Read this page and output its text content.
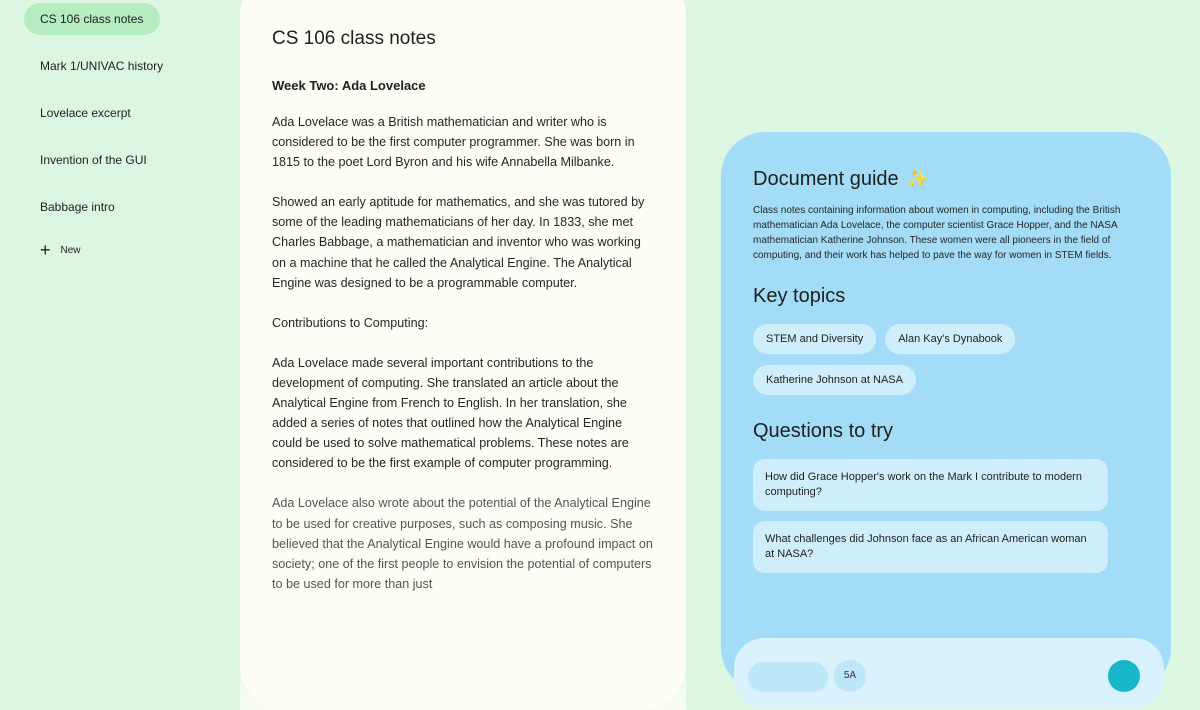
CS 106 class notes
Mark 1/UNIVAC history
Lovelace excerpt
Invention of the GUI
Babbage intro
+ New
CS 106 class notes
Week Two: Ada Lovelace

Ada Lovelace was a British mathematician and writer who is considered to be the first computer programmer. She was born in 1815 to the poet Lord Byron and his wife Annabella Milbanke.

Showed an early aptitude for mathematics, and she was tutored by some of the leading mathematicians of her day. In 1833, she met Charles Babbage, a mathematician and inventor who was working on a machine that he called the Analytical Engine. The Analytical Engine was designed to be a programmable computer.

Contributions to Computing:

Ada Lovelace made several important contributions to the development of computing. She translated an article about the Analytical Engine from French to English. In her translation, she added a series of notes that outlined how the Analytical Engine could be used to solve mathematical problems. These notes are considered to be the first example of computer programming.

Ada Lovelace also wrote about the potential of the Analytical Engine to be used for creative purposes, such as composing music. She believed that the Analytical Engine would have a profound impact on society; one of the first people to envision the potential of computers to be used for more than just

Document guide ✨

Class notes containing information about women in computing, including the British mathematician Ada Lovelace, the computer scientist Grace Hopper, and the NASA mathematician Katherine Johnson. These women were all pioneers in the field of computing, and their work has helped to pave the way for women in STEM fields.

Key topics
STEM and Diversity	Alan Kay's Dynabook
Katherine Johnson at NASA
Questions to try
How did Grace Hopper's work on the Mark I contribute to modern computing?
What challenges did Johnson face as an African American woman at NASA?
5A
